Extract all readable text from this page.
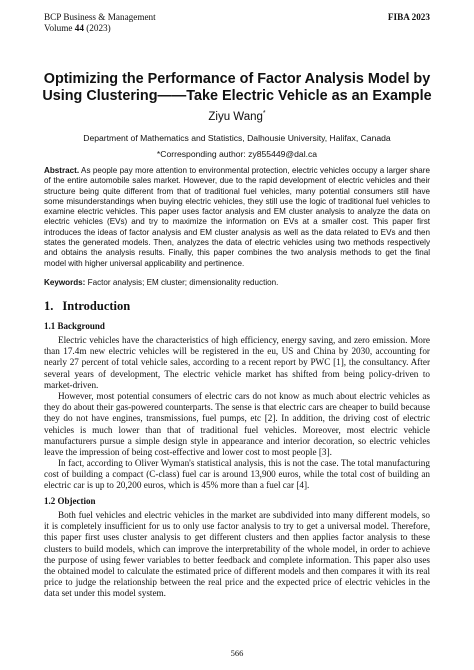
BCP Business & Management	FIBA 2023
Volume 44 (2023)
Optimizing the Performance of Factor Analysis Model by Using Clustering——Take Electric Vehicle as an Example
Ziyu Wang*
Department of Mathematics and Statistics, Dalhousie University, Halifax, Canada
*Corresponding author: zy855449@dal.ca
Abstract. As people pay more attention to environmental protection, electric vehicles occupy a larger share of the entire automobile sales market. However, due to the rapid development of electric vehicles and their structure being quite different from that of traditional fuel vehicles, many potential consumers still have some misunderstandings when buying electric vehicles, they still use the logic of traditional fuel vehicles to examine electric vehicles. This paper uses factor analysis and EM cluster analysis to analyze the data on electric vehicles (EVs) and try to maximize the information on EVs at a smaller cost. This paper first introduces the ideas of factor analysis and EM cluster analysis as well as the data related to EVs and then states the generated models. Then, analyzes the data of electric vehicles using two methods respectively and obtains the analysis results. Finally, this paper combines the two analysis methods to get the final model with higher universal applicability and pertinence.
Keywords: Factor analysis; EM cluster; dimensionality reduction.
1. Introduction
1.1 Background

Electric vehicles have the characteristics of high efficiency, energy saving, and zero emission. More than 17.4m new electric vehicles will be registered in the eu, US and China by 2030, accounting for nearly 27 percent of total vehicle sales, according to a recent report by PWC [1], the consultancy. After several years of development, The electric vehicle market has shifted from being policy-driven to market-driven.

However, most potential consumers of electric cars do not know as much about electric vehicles as they do about their gas-powered counterparts. The sense is that electric cars are cheaper to build because they do not have engines, transmissions, fuel pumps, etc [2]. In addition, the driving cost of electric vehicles is much lower than that of traditional fuel vehicles. Moreover, most electric vehicle manufacturers pursue a simple design style in appearance and interior decoration, so electric vehicles leave the impression of being cost-effective and lower cost to most people [3].

In fact, according to Oliver Wyman's statistical analysis, this is not the case. The total manufacturing cost of building a compact (C-class) fuel car is around 13,900 euros, while the total cost of building an electric car is up to 20,200 euros, which is 45% more than a fuel car [4].

1.2 Objection

Both fuel vehicles and electric vehicles in the market are subdivided into many different models, so it is completely insufficient for us to only use factor analysis to try to get a universal model. Therefore, this paper first uses cluster analysis to get different clusters and then applies factor analysis to these clusters to build models, which can improve the interpretability of the whole model, in order to achieve the purpose of using fewer variables to better feedback and complete information. This paper also uses the obtained model to calculate the estimated price of different models and then compares it with its real price to judge the relationship between the real price and the expected price of electric vehicles in the data set under this model system.

566
